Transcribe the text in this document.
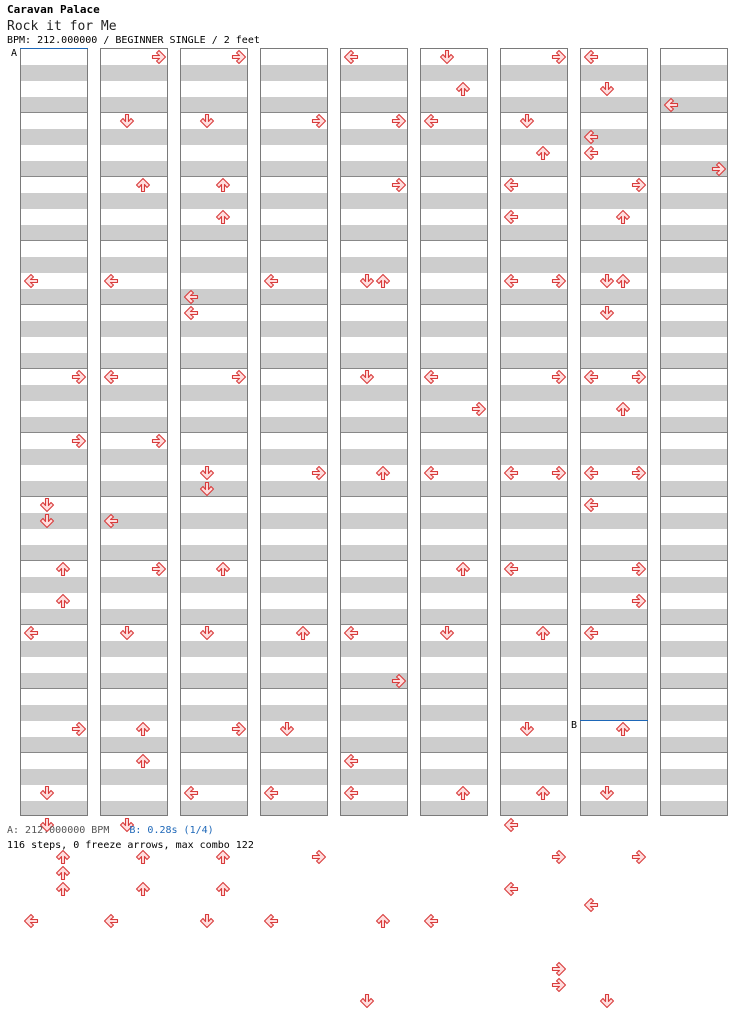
Caravan Palace
Rock it for Me
BPM: 212.000000 / BEGINNER SINGLE / 2 feet
A
B
A: 212.000000 BPM B: 0.28s (1/4)
116 steps, 0 freeze arrows, max combo 122
